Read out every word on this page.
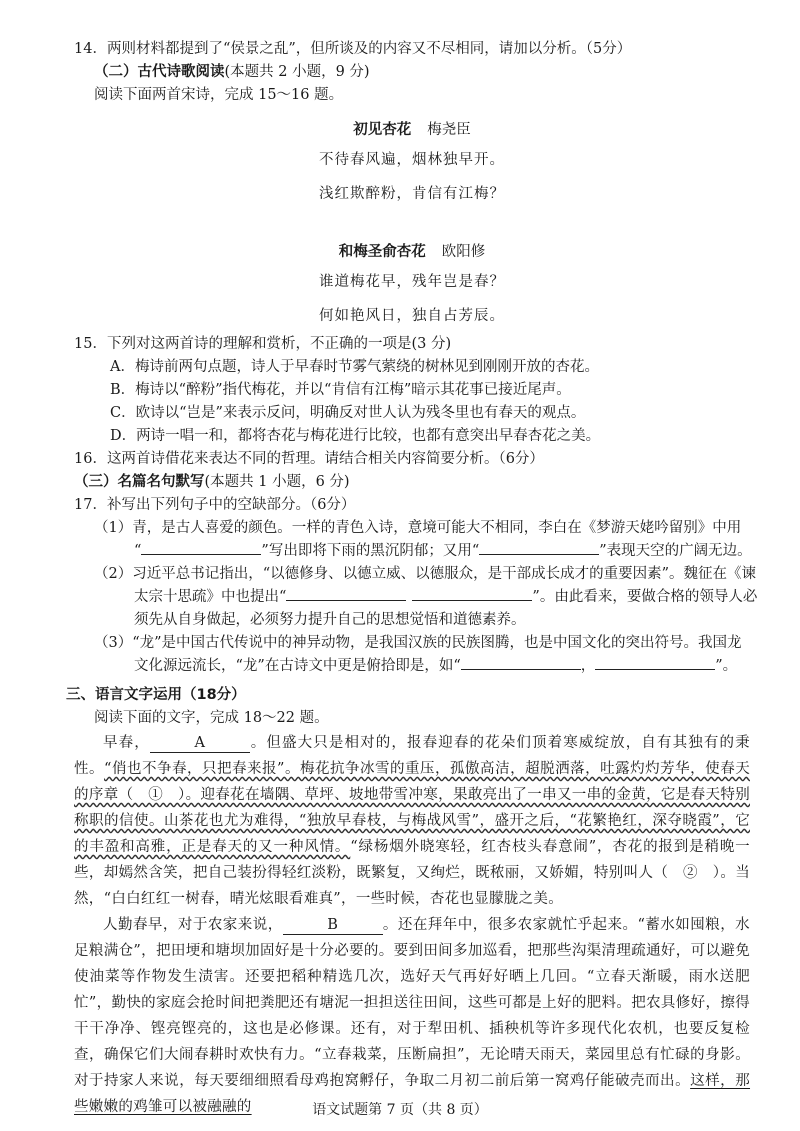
14．两则材料都提到了“侯景之乱”，但所谈及的内容又不尽相同，请加以分析。（5分）
（二）古代诗歌阅读(本题共 2 小题，9 分)
阅读下面两首宋诗，完成 15～16 题。
初见杏花 梅尧臣
不待春风遍，烟林独早开。
浅红欺醉粉，肯信有江梅？
和梅圣俞杏花 欧阳修
谁道梅花早，残年岂是春？
何如艳风日，独自占芳辰。
15．下列对这两首诗的理解和赏析，不正确的一项是(3 分)
A．梅诗前两句点题，诗人于早春时节雾气萦绕的树林见到刚刚开放的杏花。
B．梅诗以“醉粉”指代梅花，并以“肯信有江梅”暗示其花事已接近尾声。
C．欧诗以“岂是”来表示反问，明确反对世人认为残冬里也有春天的观点。
D．两诗一唱一和，都将杏花与梅花进行比较，也都有意突出早春杏花之美。
16．这两首诗借花来表达不同的哲理。请结合相关内容简要分析。（6分）
（三）名篇名句默写(本题共 1 小题，6 分)
17．补写出下列句子中的空缺部分。（6分）
（1）青，是古人喜爱的颜色。一样的青色入诗，意境可能大不相同，李白在《梦游天姥吟留别》中用
“	”写出即将下雨的黑沉阴郁；又用“	”表现天空的广阔无边。
（2）习近平总书记指出，“以德修身、以德立威、以德服众，是干部成长成才的重要因素”。魏征在《谏
太宗十思疏》中也提出“	”。由此看来，要做合格的领导人必
须先从自身做起，必须努力提升自己的思想觉悟和道德素养。
（3）“龙”是中国古代传说中的神异动物，是我国汉族的民族图腾，也是中国文化的突出符号。我国龙
文化源远流长，“龙”在古诗文中更是俯拾即是，如“	，	”。
三、语言文字运用（18分）
阅读下面的文字，完成 18～22 题。

早春，	A	。但盛大只是相对的，报春迎春的花朵们顶着寒威绽放，自有其独有的秉性。“俏也不争春，只把春来报”。梅花抗争冰雪的重压，孤傲高洁，超脱洒落，吐露灼灼芳华，使春天的序章（　①　）。迎春花在墙隅、草坪、坡地带雪冲寒，果敢亮出了一串又一串的金黄，它是春天特别称职的信使。山茶花也尤为难得，“独放早春枝，与梅战风雪”，盛开之后，“花繁艳红，深夺晓霞”，它的丰盈和高雅，正是春天的又一种风情。“绿杨烟外晓寒轻，红杏枝头春意闹”，杏花的报到是稍晚一些，却嫣然含笑，把自己装扮得轻红淡粉，既繁复，又绚烂，既秾丽，又娇媚，特别叫人（　②　）。当然，“白白红红一树春，晴光炫眼看难真”，一些时候，杏花也显朦胧之美。

人勤春早，对于农家来说，	B	。还在拜年中，很多农家就忙乎起来。“蓄水如囤粮，水足粮满仓”，把田埂和塘坝加固好是十分必要的。要到田间多加巡看，把那些沟渠清理疏通好，可以避免使油菜等作物发生渍害。还要把稻种精选几次，选好天气再好好晒上几回。“立春天渐暖，雨水送肥忙”，勤快的家庭会抢时间把粪肥还有塘泥一担担送往田间，这些可都是上好的肥料。把农具修好，擦得干干净净、铿亮铿亮的，这也是必修课。还有，对于犁田机、插秧机等许多现代化农机，也要反复检查，确保它们大闹春耕时欢快有力。“立春栽菜，压断扁担”，无论晴天雨天，菜园里总有忙碌的身影。对于持家人来说，每天要细细照看母鸡抱窝孵仔，争取二月初二前后第一窝鸡仔能破壳而出。这样，那些嫩嫩的鸡雏可以被融融的	语文试题第 7 页（共 8 页）
